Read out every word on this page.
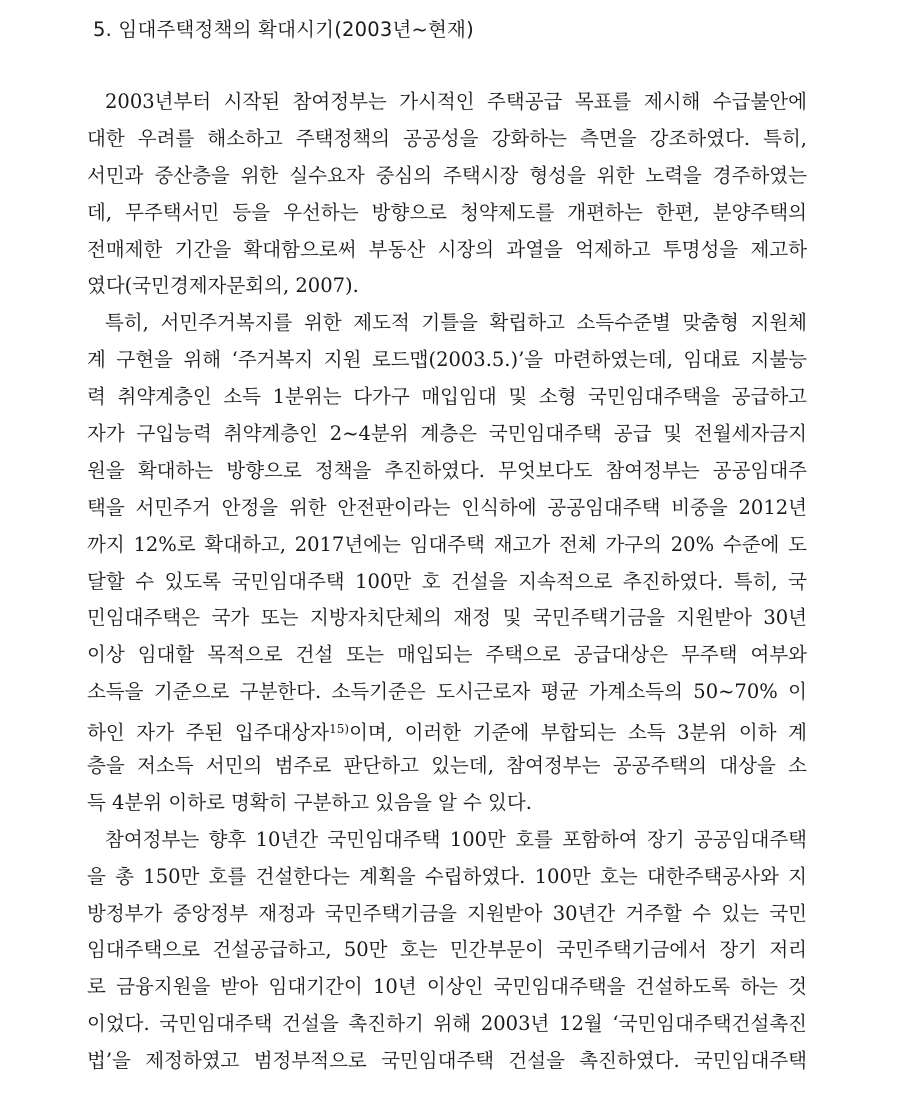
5. 임대주택정책의 확대시기(2003년~현재)
2003년부터 시작된 참여정부는 가시적인 주택공급 목표를 제시해 수급불안에
대한 우려를 해소하고 주택정책의 공공성을 강화하는 측면을 강조하였다. 특히,
서민과 중산층을 위한 실수요자 중심의 주택시장 형성을 위한 노력을 경주하였는
데, 무주택서민 등을 우선하는 방향으로 청약제도를 개편하는 한편, 분양주택의
전매제한 기간을 확대함으로써 부동산 시장의 과열을 억제하고 투명성을 제고하
였다(국민경제자문회의, 2007).
특히, 서민주거복지를 위한 제도적 기틀을 확립하고 소득수준별 맞춤형 지원체
계 구현을 위해 ‘주거복지 지원 로드맵(2003.5.)’을 마련하였는데, 임대료 지불능
력 취약계층인 소득 1분위는 다가구 매입임대 및 소형 국민임대주택을 공급하고
자가 구입능력 취약계층인 2~4분위 계층은 국민임대주택 공급 및 전월세자금지
원을 확대하는 방향으로 정책을 추진하였다. 무엇보다도 참여정부는 공공임대주
택을 서민주거 안정을 위한 안전판이라는 인식하에 공공임대주택 비중을 2012년
까지 12%로 확대하고, 2017년에는 임대주택 재고가 전체 가구의 20% 수준에 도
달할 수 있도록 국민임대주택 100만 호 건설을 지속적으로 추진하였다. 특히, 국
민임대주택은 국가 또는 지방자치단체의 재정 및 국민주택기금을 지원받아 30년
이상 임대할 목적으로 건설 또는 매입되는 주택으로 공급대상은 무주택 여부와
소득을 기준으로 구분한다. 소득기준은 도시근로자 평균 가계소득의 50~70% 이
하인 자가 주된 입주대상자$^{15)}$이며, 이러한 기준에 부합되는 소득 3분위 이하 계
층을 저소득 서민의 범주로 판단하고 있는데, 참여정부는 공공주택의 대상을 소
득 4분위 이하로 명확히 구분하고 있음을 알 수 있다.
참여정부는 향후 10년간 국민임대주택 100만 호를 포함하여 장기 공공임대주택
을 총 150만 호를 건설한다는 계획을 수립하였다. 100만 호는 대한주택공사와 지
방정부가 중앙정부 재정과 국민주택기금을 지원받아 30년간 거주할 수 있는 국민
임대주택으로 건설공급하고, 50만 호는 민간부문이 국민주택기금에서 장기 저리
로 금융지원을 받아 임대기간이 10년 이상인 국민임대주택을 건설하도록 하는 것
이었다. 국민임대주택 건설을 촉진하기 위해 2003년 12월 ‘국민임대주택건설촉진
법’을 제정하였고 범정부적으로 국민임대주택 건설을 촉진하였다. 국민임대주택
